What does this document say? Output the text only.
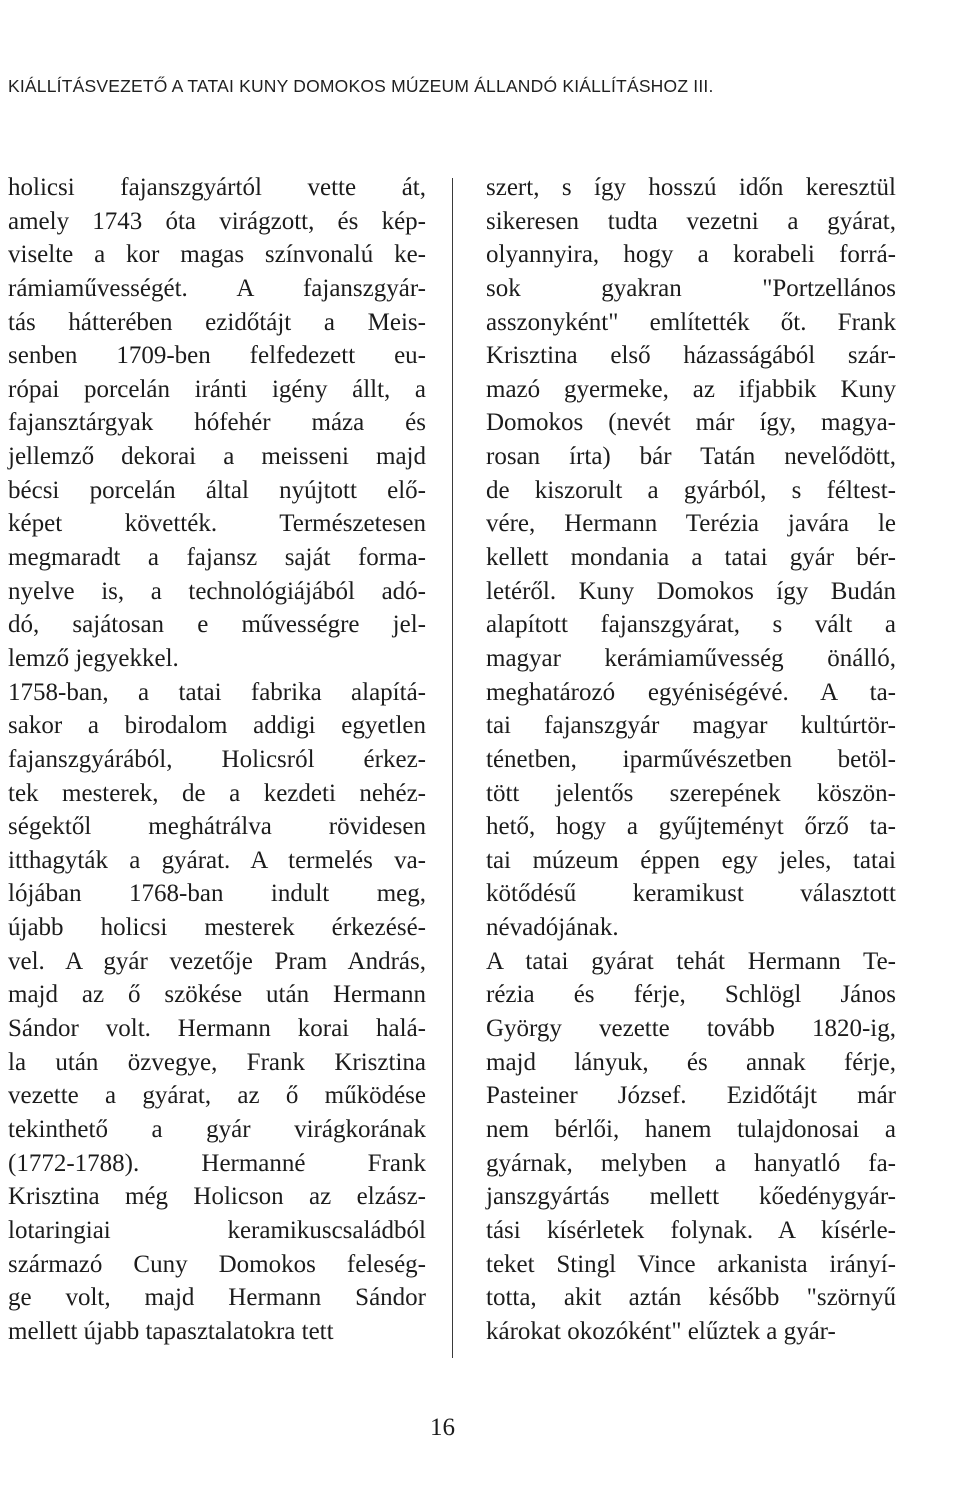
KIÁLLÍTÁSVEZETŐ A TATAI KUNY DOMOKOS MÚZEUM ÁLLANDÓ KIÁLLÍTÁSHOZ III.
holicsi fajanszgyártól vette át,
amely 1743 óta virágzott, és kép-
viselte a kor magas színvonalú ke-
rámiaművességét. A fajanszgyár-
tás hátterében ezidőtájt a Meis-
senben 1709-ben felfedezett eu-
rópai porcelán iránti igény állt, a
fajansztárgyak hófehér máza és
jellemző dekorai a meisseni majd
bécsi porcelán által nyújtott elő-
képet követték. Természetesen
megmaradt a fajansz saját forma-
nyelve is, a technológiájából adó-
dó, sajátosan e művességre jel-
lemző jegyekkel.
1758-ban, a tatai fabrika alapítá-
sakor a birodalom addigi egyetlen
fajanszgyárából, Holicsról érkez-
tek mesterek, de a kezdeti nehéz-
ségektől meghátrálva rövidesen
itthagyták a gyárat. A termelés va-
lójában 1768-ban indult meg,
újabb holicsi mesterek érkezésé-
vel. A gyár vezetője Pram András,
majd az ő szökése után Hermann
Sándor volt. Hermann korai halá-
la után özvegye, Frank Krisztina
vezette a gyárat, az ő működése
tekinthető a gyár virágkorának
(1772-1788). Hermanné Frank
Krisztina még Holicson az elzász-
lotaringiai keramikuscsaládból
származó Cuny Domokos feleség-
ge volt, majd Hermann Sándor
mellett újabb tapasztalatokra tett
szert, s így hosszú időn keresztül
sikeresen tudta vezetni a gyárat,
olyannyira, hogy a korabeli forrá-
sok gyakran "Portzellános
asszonyként" említették őt. Frank
Krisztina első házasságából szár-
mazó gyermeke, az ifjabbik Kuny
Domokos (nevét már így, magya-
rosan írta) bár Tatán nevelődött,
de kiszorult a gyárból, s féltest-
vére, Hermann Terézia javára le
kellett mondania a tatai gyár bér-
letéről. Kuny Domokos így Budán
alapított fajanszgyárat, s vált a
magyar kerámiaművesség önálló,
meghatározó egyéniségévé. A ta-
tai fajanszgyár magyar kultúrtör-
ténetben, iparművészetben betöl-
tött jelentős szerepének köszön-
hető, hogy a gyűjteményt őrző ta-
tai múzeum éppen egy jeles, tatai
kötődésű keramikust választott
névadójának.
A tatai gyárat tehát Hermann Te-
rézia és férje, Schlögl János
György vezette tovább 1820-ig,
majd lányuk, és annak férje,
Pasteiner József. Ezidőtájt már
nem bérlői, hanem tulajdonosai a
gyárnak, melyben a hanyatló fa-
janszgyártás mellett kőedénygyár-
tási kísérletek folynak. A kísérle-
teket Stingl Vince arkanista irányí-
totta, akit aztán később "szörnyű
károkat okozóként" elűztek a gyár-
16
